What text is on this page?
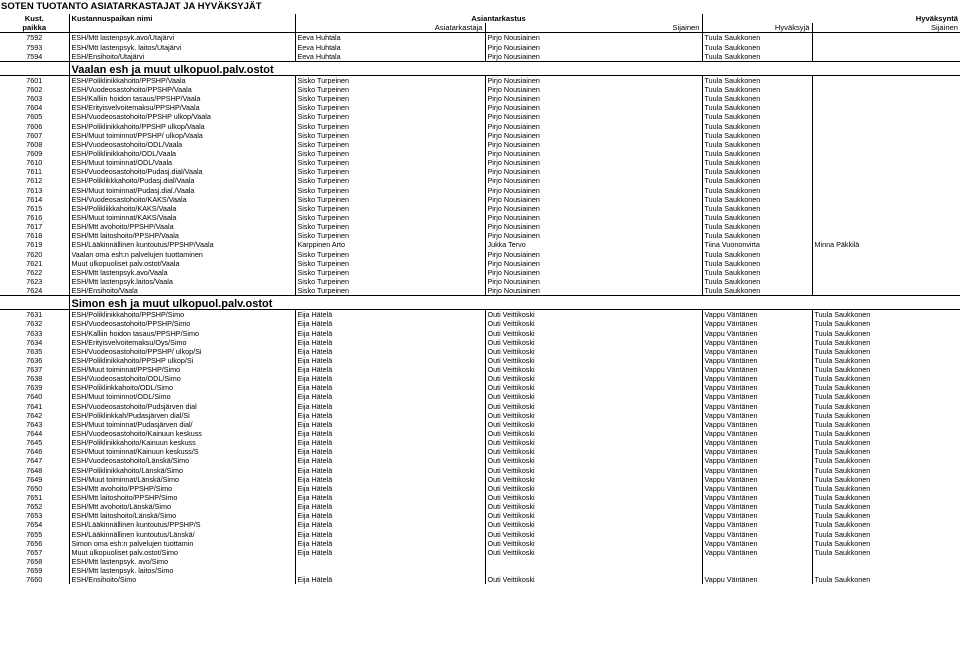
SOTEN TUOTANTO ASIATARKASTAJAT JA HYVÄKSYJÄT
Kust.	Kustannuspaikan nimi	Asiantarkastus		Hyväksyntä	
paikka		Asiatarkastaja	Sijainen	Hyväksyjä	Sijainen
7592	ESH/Mtt lastenpsyk.avo/Utajärvi	Eeva Huhtala	Pirjo Nousiainen	Tuula Saukkonen	
7593	ESH/Mtt lastenpsyk. laitos/Utajärvi	Eeva Huhtala	Pirjo Nousiainen	Tuula Saukkonen	
7594	ESH/Ensihoito/Utajärvi	Eeva Huhtala	Pirjo Nousiainen	Tuula Saukkonen	
	Vaalan esh ja muut ulkopuol.palv.ostot				
7601	ESH/Poliklinikkahoito/PPSHP/Vaala	Sisko Turpeinen	Pirjo Nousiainen	Tuula Saukkonen	
7602	ESH/Vuodeosastohoito/PPSHP/Vaala	Sisko Turpeinen	Pirjo Nousiainen	Tuula Saukkonen	
7603	ESH/Kalliin hoidon tasaus/PPSHP/Vaala	Sisko Turpeinen	Pirjo Nousiainen	Tuula Saukkonen	
7604	ESH/Erityisvelvoitemaksu/PPSHP/Vaala	Sisko Turpeinen	Pirjo Nousiainen	Tuula Saukkonen	
7605	ESH/Vuodeosastohoito/PPSHP ulkop/Vaala	Sisko Turpeinen	Pirjo Nousiainen	Tuula Saukkonen	
7606	ESH/Poliklinikkahoito/PPSHP ulkop/Vaala	Sisko Turpeinen	Pirjo Nousiainen	Tuula Saukkonen	
7607	ESH/Muut toiminnot/PPSHP/ ulkop/Vaala	Sisko Turpeinen	Pirjo Nousiainen	Tuula Saukkonen	
7608	ESH/Vuodeosastohoito/ODL/Vaala	Sisko Turpeinen	Pirjo Nousiainen	Tuula Saukkonen	
7609	ESH/Poliklinikkahoito/ODL/Vaala	Sisko Turpeinen	Pirjo Nousiainen	Tuula Saukkonen	
7610	ESH/Muut toiminnat/ODL/Vaala	Sisko Turpeinen	Pirjo Nousiainen	Tuula Saukkonen	
7611	ESH/Vuodeosastohoito/Pudasj.dial/Vaala	Sisko Turpeinen	Pirjo Nousiainen	Tuula Saukkonen	
7612	ESH/Poliklikkkahoito/Pudasj.dial/Vaala	Sisko Turpeinen	Pirjo Nousiainen	Tuula Saukkonen	
7613	ESH/Muut toiminnat/Pudasj.dial./Vaala	Sisko Turpeinen	Pirjo Nousiainen	Tuula Saukkonen	
7614	ESH/Vuodeosastohoito/KAKS/Vaala	Sisko Turpeinen	Pirjo Nousiainen	Tuula Saukkonen	
7615	ESH/Polikliikkahoito/KAKS/Vaala	Sisko Turpeinen	Pirjo Nousiainen	Tuula Saukkonen	
7616	ESH/Muut toiminnat/KAKS/Vaala	Sisko Turpeinen	Pirjo Nousiainen	Tuula Saukkonen	
7617	ESH/Mtt avohoito/PPSHP/Vaala	Sisko Turpeinen	Pirjo Nousiainen	Tuula Saukkonen	
7618	ESH/Mtt laitoshoito/PPSHP/Vaala	Sisko Turpeinen	Pirjo Nousiainen	Tuula Saukkonen	
7619	ESH/Lääkinnällinen kuntoutus/PPSHP/Vaala	Karppinen Arto	Jukka Tervo	Tiina Vuononvirta	Minna Päkkilä
7620	Vaalan oma esh:n palvelujen tuottaminen	Sisko Turpeinen	Pirjo Nousiainen	Tuula Saukkonen	
7621	Muut ulkopuoliset palv.ostot/Vaala	Sisko Turpeinen	Pirjo Nousiainen	Tuula Saukkonen	
7622	ESH/Mtt lastenpsyk.avo/Vaala	Sisko Turpeinen	Pirjo Nousiainen	Tuula Saukkonen	
7623	ESH/Mtt lastenpsyk.laitos/Vaala	Sisko Turpeinen	Pirjo Nousiainen	Tuula Saukkonen	
7624	ESH/Ensihoito/Vaala	Sisko Turpeinen	Pirjo Nousiainen	Tuula Saukkonen	
	Simon esh ja muut ulkopuol.palv.ostot				
7631	ESH/Poliklinikkahoito/PPSHP/Simo	Eija Hätelä	Outi Veittikoski	Vappu Väntänen	Tuula Saukkonen
7632	ESH/Vuodeosastohoito/PPSHP/Simo	Eija Hätelä	Outi Veittikoski	Vappu Väntänen	Tuula Saukkonen
7633	ESH/Kalliin hoidon tasaus/PPSHP/Simo	Eija Hätelä	Outi Veittikoski	Vappu Väntänen	Tuula Saukkonen
7634	ESH/Erityisvelvoitemaksu/Oys/Simo	Eija Hätelä	Outi Veittikoski	Vappu Väntänen	Tuula Saukkonen
7635	ESH/Vuodeosastohoito/PPSHP/ ulkop/Si	Eija Hätelä	Outi Veittikoski	Vappu Väntänen	Tuula Saukkonen
7636	ESH/Poliklinikkahoito/PPSHP ulkop/Si	Eija Hätelä	Outi Veittikoski	Vappu Väntänen	Tuula Saukkonen
7637	ESH/Muut toiminnat/PPSHP/Simo	Eija Hätelä	Outi Veittikoski	Vappu Väntänen	Tuula Saukkonen
7638	ESH/Vuodeosastohoito/ODL/Simo	Eija Hätelä	Outi Veittikoski	Vappu Väntänen	Tuula Saukkonen
7639	ESH/Poliklinkkahoito/ODL/Simo	Eija Hätelä	Outi Veittikoski	Vappu Väntänen	Tuula Saukkonen
7640	ESH/Muut toiminnot/ODL/Simo	Eija Hätelä	Outi Veittikoski	Vappu Väntänen	Tuula Saukkonen
7641	ESH/Vuodeosastohoito/Pudsjärven dial	Eija Hätelä	Outi Veittikoski	Vappu Väntänen	Tuula Saukkonen
7642	ESH/Poliklinkkah/Pudasjärven dial/Si	Eija Hätelä	Outi Veittikoski	Vappu Väntänen	Tuula Saukkonen
7643	ESH/Muut toiminnat/Pudasjärven dial/	Eija Hätelä	Outi Veittikoski	Vappu Väntänen	Tuula Saukkonen
7644	ESH/Vuodeosastohoito/Kainuun keskuss	Eija Hätelä	Outi Veittikoski	Vappu Väntänen	Tuula Saukkonen
7645	ESH/Poliklinikkahoito/Kainuun keskuss	Eija Hätelä	Outi Veittikoski	Vappu Väntänen	Tuula Saukkonen
7646	ESH/Muut toiminnat/Kainuun keskuss/S	Eija Hätelä	Outi Veittikoski	Vappu Väntänen	Tuula Saukkonen
7647	ESH/Vuodeosastohoito/Länskä/Simo	Eija Hätelä	Outi Veittikoski	Vappu Väntänen	Tuula Saukkonen
7648	ESH/Poliklinikkahoito/Länskä/Simo	Eija Hätelä	Outi Veittikoski	Vappu Väntänen	Tuula Saukkonen
7649	ESH/Muut toiminnat/Länskä/Simo	Eija Hätelä	Outi Veittikoski	Vappu Väntänen	Tuula Saukkonen
7650	ESH/Mtt avohoito/PPSHP/Simo	Eija Hätelä	Outi Veittikoski	Vappu Väntänen	Tuula Saukkonen
7651	ESH/Mtt laitoshoito/PPSHP/Simo	Eija Hätelä	Outi Veittikoski	Vappu Väntänen	Tuula Saukkonen
7652	ESH/Mtt avohoito/Länskä/Simo	Eija Hätelä	Outi Veittikoski	Vappu Väntänen	Tuula Saukkonen
7653	ESH/Mtt laitoshoito/Länskä/Simo	Eija Hätelä	Outi Veittikoski	Vappu Väntänen	Tuula Saukkonen
7654	ESH/Lääkinnällinen kuntoutus/PPSHP/S	Eija Hätelä	Outi Veittikoski	Vappu Väntänen	Tuula Saukkonen
7655	ESH/Lääkinnällinen kuntoutus/Länskä/	Eija Hätelä	Outi Veittikoski	Vappu Väntänen	Tuula Saukkonen
7656	Simon oma esh:n palvelujen tuottamin	Eija Hätelä	Outi Veittikoski	Vappu Väntänen	Tuula Saukkonen
7657	Muut ulkopuoliset palv.ostot/Simo	Eija Hätelä	Outi Veittikoski	Vappu Väntänen	Tuula Saukkonen
7658	ESH/Mtt lastenpsyk. avo/Simo				
7659	ESH/Mtt lastenpsyk. laitos/Simo				
7660	ESH/Ensihoito/Simo	Eija Hätelä	Outi Veittikoski	Vappu Väntänen	Tuula Saukkonen
